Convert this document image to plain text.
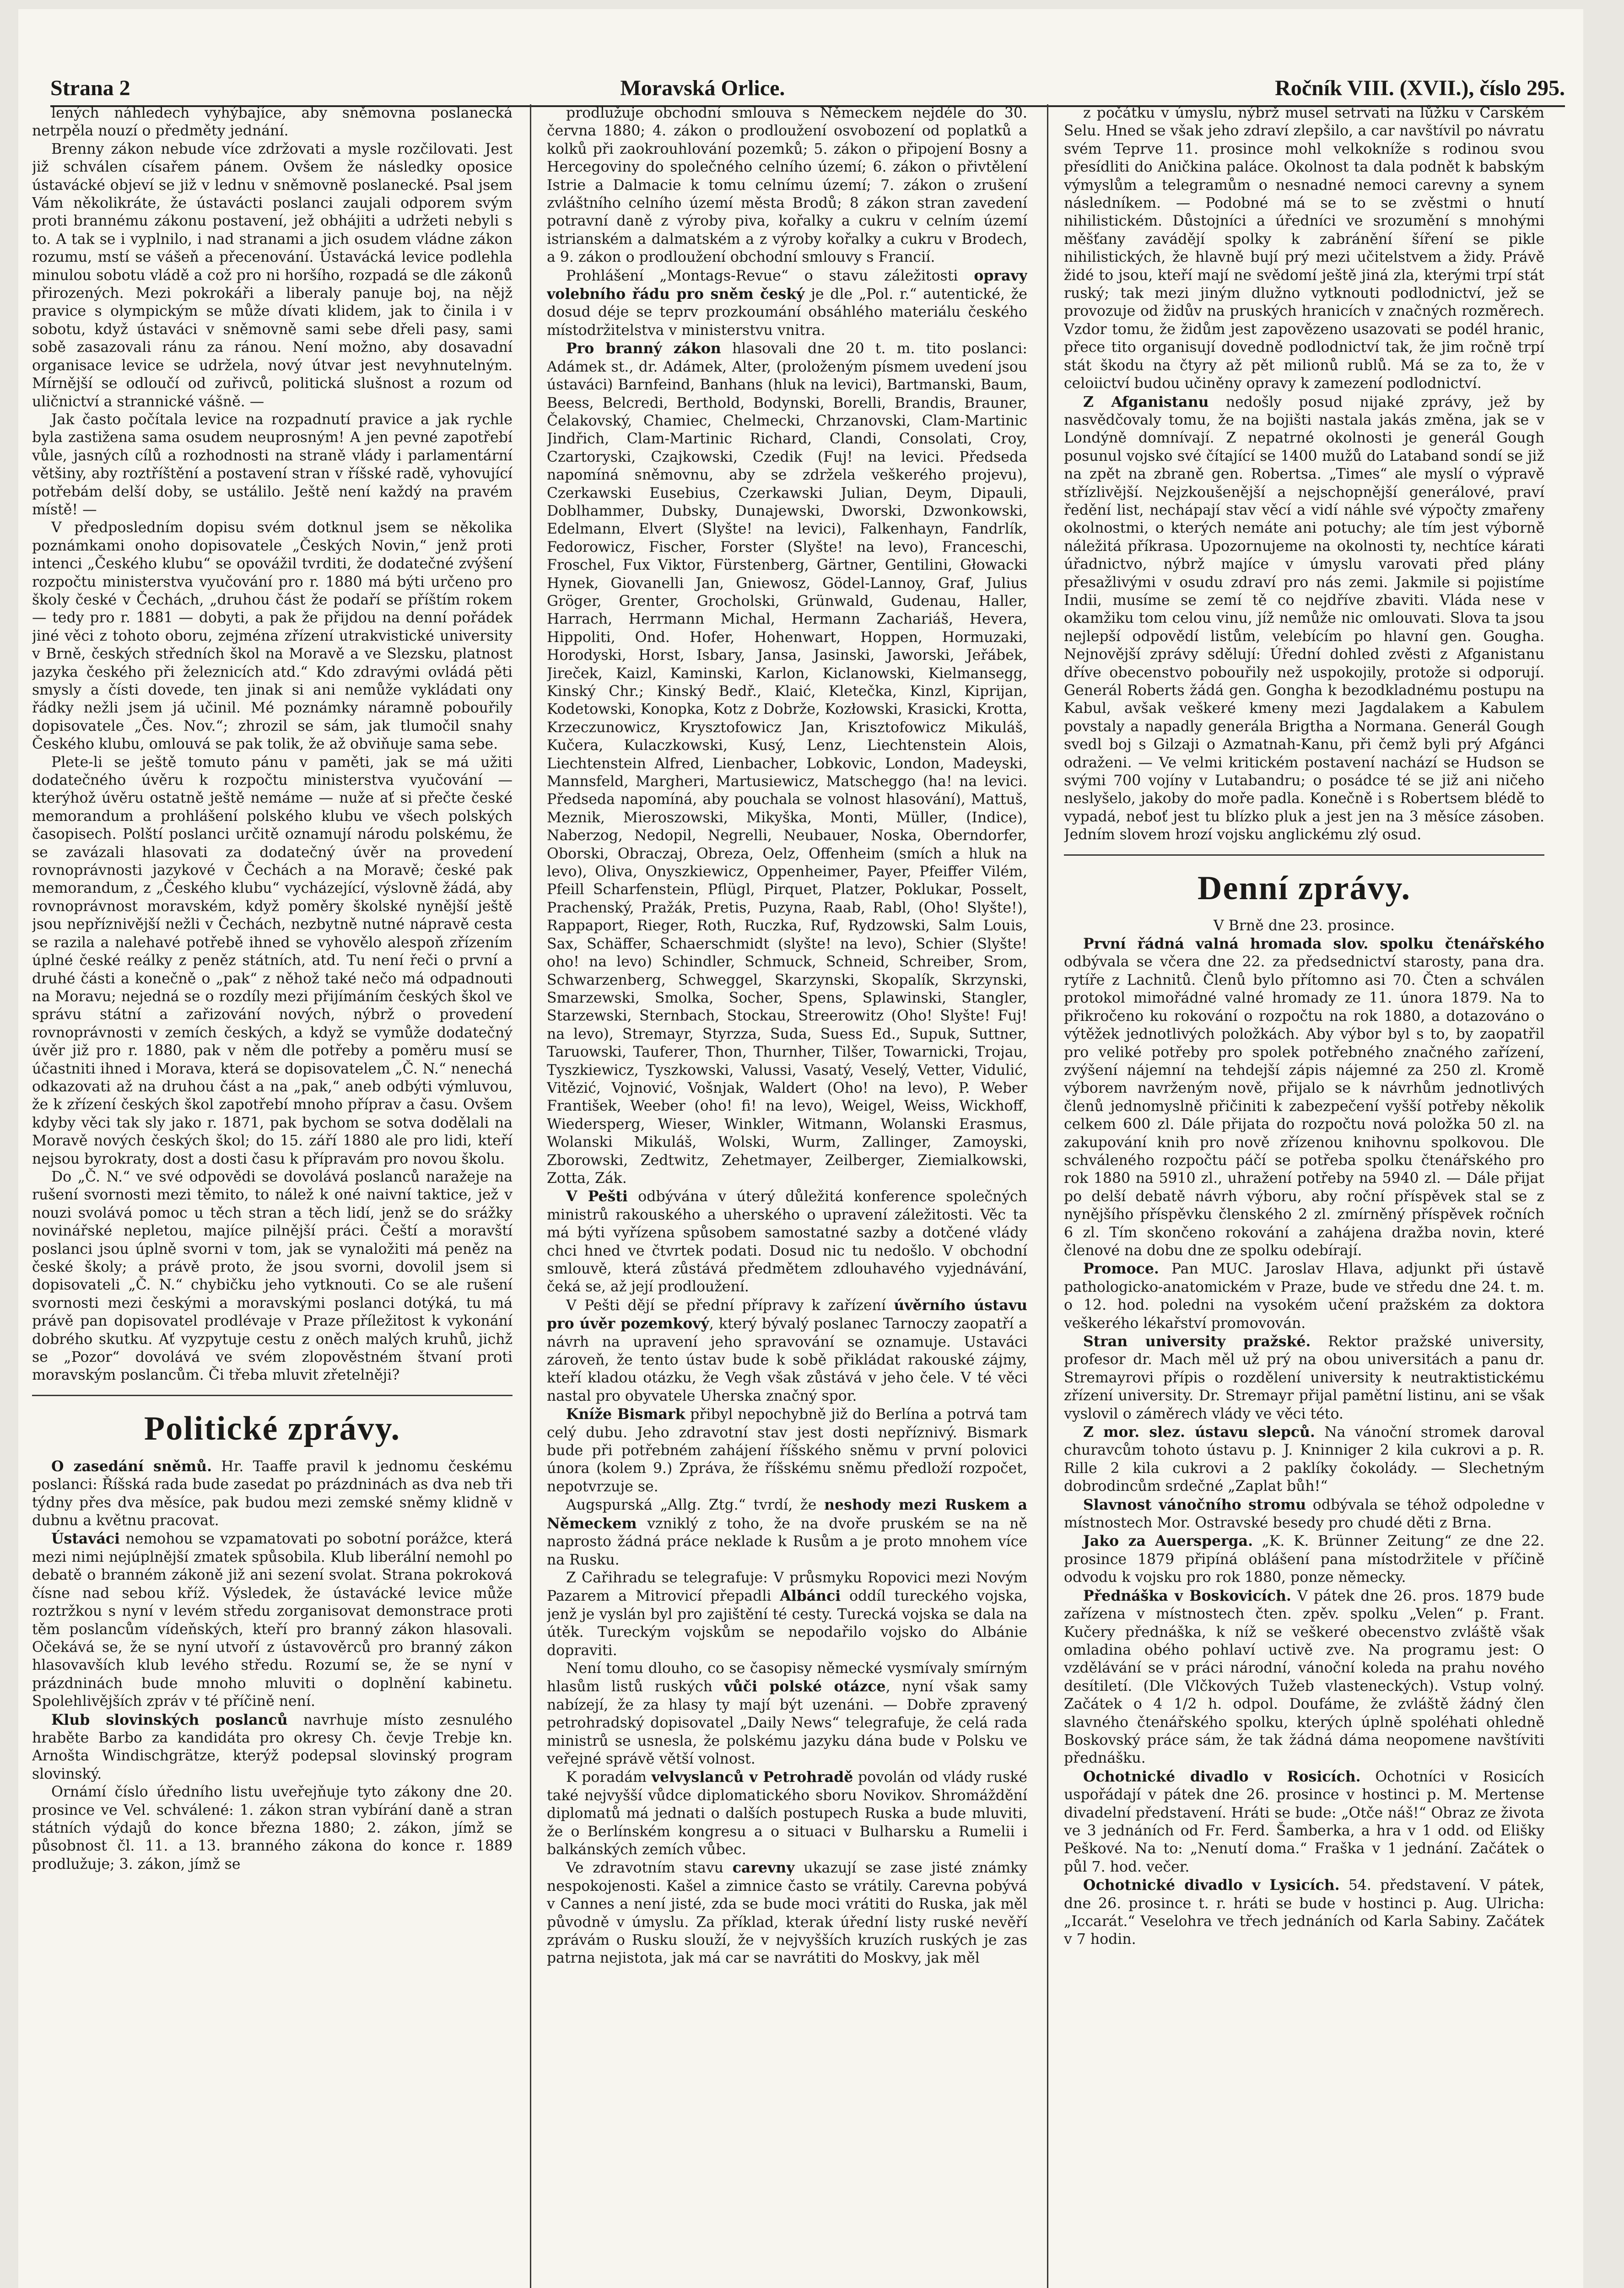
Strana 2	Moravská Orlice.	Ročník VIII. (XVII.), číslo 295.

lených náhledech vyhýbajíce, aby sněmovna poslanecká netrpěla nouzí o předměty jednání.

Brenny zákon nebude více zdržovati a mysle rozčilovati. Jest již schválen císařem pánem. Ovšem že následky oposice ústavácké objeví se již v lednu v sněmovně poslanecké. Psal jsem Vám několikráte, že ústavácti poslanci zaujali odporem svým proti brannému zákonu postavení, jež obhájiti a udržeti nebyli s to. A tak se i vyplnilo, i nad stranami a jich osudem vládne zákon rozumu, mstí se vášeň a přecenování. Ústavácká levice podlehla minulou sobotu vládě a což pro ni horšího, rozpadá se dle zákonů přirozených. Mezi pokrokáři a liberaly panuje boj, na nějž pravice s olympickým se může dívati klidem, jak to činila i v sobotu, když ústaváci v sněmovně sami sebe dřeli pasy, sami sobě zasazovali ránu za ránou. Není možno, aby dosavadní organisace levice se udržela, nový útvar jest nevyhnutelným. Mírnější se odloučí od zuřivců, politická slušnost a rozum od uličnictví a strannické vášně. —

Jak často počítala levice na rozpadnutí pravice a jak rychle byla zastižena sama osudem neuprosným! A jen pevné zapotřebí vůle, jasných cílů a rozhodnosti na straně vlády i parlamentární většiny, aby roztříštění a postavení stran v říšské radě, vyhovující potřebám delší doby, se ustálilo. Ještě není každý na pravém místě! —

V předposledním dopisu svém dotknul jsem se několika poznámkami onoho dopisovatele „Českých Novin,“ jenž proti intenci „Českého klubu“ se opovážil tvrditi, že dodatečné zvýšení rozpočtu ministerstva vyučování pro r. 1880 má býti určeno pro školy české v Čechách, „druhou část že podaří se příštím rokem — tedy pro r. 1881 — dobyti, a pak že přijdou na denní pořádek jiné věci z tohoto oboru, zejména zřízení utrakvistické university v Brně, českých středních škol na Moravě a ve Slezsku, platnost jazyka českého při železnicích atd.“ Kdo zdravými ovládá pěti smysly a čísti dovede, ten jinak si ani nemůže vykládati ony řádky nežli jsem já učinil. Mé poznámky náramně pobouřily dopisovatele „Čes. Nov.“; zhrozil se sám, jak tlumočil snahy Českého klubu, omlouvá se pak tolik, že až obviňuje sama sebe.

Plete-li se ještě tomuto pánu v paměti, jak se má užiti dodatečného úvěru k rozpočtu ministerstva vyučování — kterýhož úvěru ostatně ještě nemáme — nuže ať si přečte české memorandum a prohlášení polského klubu ve všech polských časopisech. Polští poslanci určitě oznamují národu polskému, že se zavázali hlasovati za dodatečný úvěr na provedení rovnoprávnosti jazykové v Čechách a na Moravě; české pak memorandum, z „Českého klubu“ vycházející, výslovně žádá, aby rovnoprávnost moravském, když poměry školské nynější ještě jsou nepříznivější nežli v Čechách, nezbytně nutné nápravě cesta se razila a nalehavé potřebě ihned se vyhovělo alespoň zřízením úplné české reálky z peněz státních, atd. Tu není řeči o první a druhé části a konečně o „pak“ z něhož také nečo má odpadnouti na Moravu; nejedná se o rozdíly mezi přijímáním českých škol ve správu státní a zařizování nových, nýbrž o provedení rovnoprávnosti v zemích českých, a když se vymůže dodatečný úvěr již pro r. 1880, pak v něm dle potřeby a poměru musí se účastniti ihned i Morava, která se dopisovatelem „Č. N.“ nenechá odkazovati až na druhou část a na „pak,“ aneb odbýti výmluvou, že k zřízení českých škol zapotřebí mnoho příprav a času. Ovšem kdyby věci tak sly jako r. 1871, pak bychom se sotva dodělali na Moravě nových českých škol; do 15. září 1880 ale pro lidi, kteří nejsou byrokraty, dost a dosti času k přípravám pro novou školu.

Do „Č. N.“ ve své odpovědi se dovolává poslanců naražeje na rušení svornosti mezi těmito, to nálež k oné naivní taktice, jež v nouzi svolává pomoc u těch stran a těch lidí, jenž se do srážky novinářské nepletou, majíce pilnější práci. Čeští a moravští poslanci jsou úplně svorni v tom, jak se vynaložiti má peněz na české školy; a právě proto, že jsou svorni, dovolil jsem si dopisovateli „Č. N.“ chybičku jeho vytknouti. Co se ale rušení svornosti mezi českými a moravskými poslanci dotýká, tu má právě pan dopisovatel prodlévaje v Praze příležitost k vykonání dobrého skutku. Ať vyzpytuje cestu z oněch malých kruhů, jichž se „Pozor“ dovolává ve svém zlopověstném štvaní proti moravským poslancům. Či třeba mluvit zřetelněji?

Politické zprávy.

O zasedání sněmů. Hr. Taaffe pravil k jednomu českému poslanci: Říšská rada bude zasedat po prázdninách as dva neb tři týdny přes dva měsíce, pak budou mezi zemské sněmy klidně v dubnu a květnu pracovat.

Ústaváci nemohou se vzpamatovati po sobotní porážce, která mezi nimi nejúplnější zmatek spůsobila. Klub liberální nemohl po debatě o branném zákoně již ani sezení svolat. Strana pokroková čísne nad sebou kříž. Výsledek, že ústavácké levice může roztržkou s nyní v levém středu zorganisovat demonstrace proti těm poslancům vídeňských, kteří pro branný zákon hlasovali. Očekává se, že se nyní utvoří z ústavověrců pro branný zákon hlasovavších klub levého středu. Rozumí se, že se nyní v prázdninách bude mnoho mluviti o doplnění kabinetu. Spolehlivějších zpráv v té příčině není.

Klub slovinských poslanců navrhuje místo zesnulého hraběte Barbo za kandidáta pro okresy Ch. čevje Trebje kn. Arnošta Windischgrätze, kterýž podepsal slovinský program slovinský.

Ornámí číslo úředního listu uveřejňuje tyto zákony dne 20. prosince ve Vel. schválené: 1. zákon stran vybírání daně a stran státních výdajů do konce března 1880; 2. zákon, jímž se působnost čl. 11. a 13. branného zákona do konce r. 1889 prodlužuje; 3. zákon, jímž se

prodlužuje obchodní smlouva s Německem nejdéle do 30. června 1880; 4. zákon o prodloužení osvobození od poplatků a kolků při zaokrouhlování pozemků; 5. zákon o připojení Bosny a Hercegoviny do společného celního území; 6. zákon o přivtělení Istrie a Dalmacie k tomu celnímu území; 7. zákon o zrušení zvláštního celního území města Brodů; 8 zákon stran zavedení potravní daně z výroby piva, kořalky a cukru v celním území istrianském a dalmatském a z výroby kořalky a cukru v Brodech, a 9. zákon o prodloužení obchodní smlouvy s Francií.

Prohlášení „Montags-Revue“ o stavu záležitosti opravy volebního řádu pro sněm český je dle „Pol. r.“ autentické, že dosud déje se teprv prozkoumání obsáhlého materiálu českého místodržitelstva v ministerstvu vnitra.

Pro branný zákon hlasovali dne 20 t. m. tito poslanci: Adámek st., dr. Adámek, Alter, (proloženým písmem uvedení jsou ústaváci) Barnfeind, Banhans (hluk na levici), Bartmanski, Baum, Beess, Belcredi, Berthold, Bodynski, Borelli, Brandis, Brauner, Čelakovský, Chamiec, Chelmecki, Chrzanovski, Clam-Martinic Jindřich, Clam-Martinic Richard, Clandi, Consolati, Croy, Czartoryski, Czajkowski, Czedik (Fuj! na levici. Předseda napomíná sněmovnu, aby se zdržela veškerého projevu), Czerkawski Eusebius, Czerkawski Julian, Deym, Dipauli, Doblhammer, Dubsky, Dunajewski, Dworski, Dzwonkowski, Edelmann, Elvert (Slyšte! na levici), Falkenhayn, Fandrlík, Fedorowicz, Fischer, Forster (Slyšte! na levo), Franceschi, Froschel, Fux Viktor, Fürstenberg, Gärtner, Gentilini, Głowacki Hynek, Giovanelli Jan, Gniewosz, Gödel-Lannoy, Graf, Julius Gröger, Grenter, Grocholski, Grünwald, Gudenau, Haller, Harrach, Herrmann Michal, Hermann Zachariáš, Hevera, Hippoliti, Ond. Hofer, Hohenwart, Hoppen, Hormuzaki, Horodyski, Horst, Isbary, Jansa, Jasinski, Jaworski, Jeřábek, Jireček, Kaizl, Kaminski, Karlon, Kiclanowski, Kielmansegg, Kinský Chr.; Kinský Bedř., Klaić, Kletečka, Kinzl, Kiprijan, Kodetowski, Konopka, Kotz z Dobrže, Kozłowski, Krasicki, Krotta, Krzeczunowicz, Krysztofowicz Jan, Krisztofowicz Mikuláš, Kučera, Kulaczkowski, Kusý, Lenz, Liechtenstein Alois, Liechtenstein Alfred, Lienbacher, Lobkovic, London, Madeyski, Mannsfeld, Margheri, Martusiewicz, Matscheggo (ha! na levici. Předseda napomíná, aby pouchala se volnost hlasování), Mattuš, Meznik, Mieroszowski, Mikyška, Monti, Müller, (Indice), Naberzog, Nedopil, Negrelli, Neubauer, Noska, Oberndorfer, Oborski, Obraczaj, Obreza, Oelz, Offenheim (smích a hluk na levo), Oliva, Onyszkiewicz, Oppenheimer, Payer, Pfeiffer Vilém, Pfeill Scharfenstein, Pflügl, Pirquet, Platzer, Poklukar, Posselt, Prachenský, Pražák, Pretis, Puzyna, Raab, Rabl, (Oho! Slyšte!), Rappaport, Rieger, Roth, Ruczka, Ruf, Rydzowski, Salm Louis, Sax, Schäffer, Schaerschmidt (slyšte! na levo), Schier (Slyšte! oho! na levo) Schindler, Schmuck, Schneid, Schreiber, Srom, Schwarzenberg, Schweggel, Skarzynski, Skopalík, Skrzynski, Smarzewski, Smolka, Socher, Spens, Splawinski, Stangler, Starzewski, Sternbach, Stockau, Streerowitz (Oho! Slyšte! Fuj! na levo), Stremayr, Styrzza, Suda, Suess Ed., Supuk, Suttner, Taruowski, Tauferer, Thon, Thurnher, Tilšer, Towarnicki, Trojau, Tyszkiewicz, Tyszkowski, Valussi, Vasatý, Veselý, Vetter, Vidulić, Vitězić, Vojnović, Vošnjak, Waldert (Oho! na levo), P. Weber František, Weeber (oho! fi! na levo), Weigel, Weiss, Wickhoff, Wiedersperg, Wieser, Winkler, Witmann, Wolanski Erasmus, Wolanski Mikuláš, Wolski, Wurm, Zallinger, Zamoyski, Zborowski, Zedtwitz, Zehetmayer, Zeilberger, Ziemialkowski, Zotta, Zák.

V Pešti odbývána v úterý důležitá konference společných ministrů rakouského a uherského o upravení záležitosti. Věc ta má býti vyřízena spůsobem samostatné sazby a dotčené vlády chci hned ve čtvrtek podati. Dosud nic tu nedošlo. V obchodní smlouvě, která zůstává předmětem zdlouhavého vyjednávání, čeká se, až její prodloužení.

V Pešti dějí se přední přípravy k zařízení úvěrního ústavu pro úvěr pozemkový, který bývalý poslanec Tarnoczy zaopatří a návrh na upravení jeho spravování se oznamuje. Ustaváci zároveň, že tento ústav bude k sobě přikládat rakouské zájmy, kteří kladou otázku, že Vegh však zůstává v jeho čele. V té věci nastal pro obyvatele Uherska značný spor.

Kníže Bismark přibyl nepochybně již do Berlína a potrvá tam celý dubu. Jeho zdravotní stav jest dosti nepříznivý. Bismark bude při potřebném zahájení říšského sněmu v první polovici února (kolem 9.) Zpráva, že říšskému sněmu předloží rozpočet, nepotvrzuje se.

Augspurská „Allg. Ztg.“ tvrdí, že neshody mezi Ruskem a Německem vzniklý z toho, že na dvoře pruském se na ně naprosto žádná práce neklade k Rusům a je proto mnohem více na Rusku.

Z Cařihradu se telegrafuje: V průsmyku Ropovici mezi Novým Pazarem a Mitrovicí přepadli Albánci oddíl tureckého vojska, jenž je vyslán byl pro zajištění té cesty. Turecká vojska se dala na útěk. Tureckým vojskům se nepodařilo vojsko do Albánie dopraviti.

Není tomu dlouho, co se časopisy německé vysmívaly smírným hlasům listů ruských vůči polské otázce, nyní však samy nabízejí, že za hlasy ty mají být uzenáni. — Dobře zpravený petrohradský dopisovatel „Daily News“ telegrafuje, že celá rada ministrů se usnesla, že polskému jazyku dána bude v Polsku ve veřejné správě větší volnost.

K poradám velvyslanců v Petrohradě povolán od vlády ruské také nejvyšší vůdce diplomatického sboru Novikov. Shromáždění diplomatů má jednati o dalších postupech Ruska a bude mluviti, že o Berlínském kongresu a o situaci v Bulharsku a Rumelii i balkánských zemích vůbec.

Ve zdravotním stavu carevny ukazují se zase jisté známky nespokojenosti. Kašel a zimnice často se vrátily. Carevna pobývá v Cannes a není jisté, zda se bude moci vrátiti do Ruska, jak měl původně v úmyslu. Za příklad, kterak úřední listy ruské nevěří zprávám o Rusku slouží, že v nejvyšších kruzích ruských je zas patrna nejistota, jak má car se navrátiti do Moskvy, jak měl

z počátku v úmyslu, nýbrž musel setrvati na lůžku v Carském Selu. Hned se však jeho zdraví zlepšilo, a car navštívil po návratu svém Teprve 11. prosince mohl velkokníže s rodinou svou přesídliti do Aničkina paláce. Okolnost ta dala podnět k babským výmyslům a telegramům o nesnadné nemoci carevny a synem následníkem. — Podobné má se to se zvěstmi o hnutí nihilistickém. Důstojníci a úředníci ve srozumění s mnohými měšťany zavádějí spolky k zabránění šíření se pikle nihilistických, že hlavně bují prý mezi učitelstvem a židy. Právě židé to jsou, kteří mají ne svědomí ještě jiná zla, kterými trpí stát ruský; tak mezi jiným dlužno vytknouti podlodnictví, jež se provozuje od židův na pruských hranicích v značných rozměrech. Vzdor tomu, že židům jest zapovězeno usazovati se podél hranic, přece tito organisují dovedně podlodnictví tak, že jim ročně trpí stát škodu na čtyry až pět milionů rublů. Má se za to, že v celoiictví budou učiněny opravy k zamezení podlodnictví.

Z Afganistanu nedošly posud nijaké zprávy, jež by nasvědčovaly tomu, že na bojišti nastala jakás změna, jak se v Londýně domnívají. Z nepatrné okolnosti je generál Gough posunul vojsko své čítající se 1400 mužů do Lataband sondí se již na zpět na zbraně gen. Robertsa. „Times“ ale myslí o výpravě střízlivější. Nejzkoušenější a nejschopnější generálové, praví ředění list, nechápají stav věcí a vidí náhle své výpočty zmařeny okolnostmi, o kterých nemáte ani potuchy; ale tím jest výborně náležitá příkrasa. Upozornujeme na okolnosti ty, nechtíce kárati úřadnictvo, nýbrž majíce v úmyslu varovati před plány přesažlivými v osudu zdraví pro nás zemi. Jakmile si pojistíme Indii, musíme se zemí tě co nejdříve zbaviti. Vláda nese v okamžiku tom celou vinu, jíž nemůže nic omlouvati. Slova ta jsou nejlepší odpovědí listům, velebícím po hlavní gen. Gougha. Nejnovější zprávy sdělují: Úřední dohled zvěsti z Afganistanu dříve obecenstvo pobouřily než uspokojily, protože si odporují. Generál Roberts žádá gen. Gongha k bezodkladnému postupu na Kabul, avšak veškeré kmeny mezi Jagdalakem a Kabulem povstaly a napadly generála Brigtha a Normana. Generál Gough svedl boj s Gilzaji o Azmatnah-Kanu, při čemž byli prý Afgánci odraženi. — Ve velmi kritickém postavení nachází se Hudson se svými 700 vojíny v Lutabandru; o posádce té se již ani ničeho neslyšelo, jakoby do moře padla. Konečně i s Robertsem blédě to vypadá, neboť jest tu blízko pluk a jest jen na 3 měsíce zásoben. Jedním slovem hrozí vojsku anglickému zlý osud.

Denní zprávy.

V Brně dne 23. prosince.

První řádná valná hromada slov. spolku čtenářského odbývala se včera dne 22. za předsednictví starosty, pana dra. rytíře z Lachnitů. Členů bylo přítomno asi 70. Čten a schválen protokol mimořádné valné hromady ze 11. února 1879. Na to přikročeno ku rokování o rozpočtu na rok 1880, a dotazováno o výtěžek jednotlivých položkách. Aby výbor byl s to, by zaopatřil pro veliké potřeby pro spolek potřebného značného zařízení, zvýšení nájemní na tehdejší zápis nájemné za 250 zl. Kromě výborem navrženým nově, přijalo se k návrhům jednotlivých členů jednomyslně přičiniti k zabezpečení vyšší potřeby několik celkem 600 zl. Dále přijata do rozpočtu nová položka 50 zl. na zakupování knih pro nově zřízenou knihovnu spolkovou. Dle schváleného rozpočtu páčí se potřeba spolku čtenářského pro rok 1880 na 5910 zl., uhražení potřeby na 5940 zl. — Dále přijat po delší debatě návrh výboru, aby roční příspěvek stal se z nynějšího příspěvku členského 2 zl. zmírněný příspěvek ročních 6 zl. Tím skončeno rokování a zahájena dražba novin, které členové na dobu dne ze spolku odebírají.

Promoce. Pan MUC. Jaroslav Hlava, adjunkt při ústavě pathologicko-anatomickém v Praze, bude ve středu dne 24. t. m. o 12. hod. poledni na vysokém učení pražském za doktora veškerého lékařství promovován.

Stran university pražské. Rektor pražské university, profesor dr. Mach měl už prý na obou universitách a panu dr. Stremayrovi přípis o rozdělení university k neutraktistickému zřízení university. Dr. Stremayr přijal pamětní listinu, ani se však vyslovil o záměrech vlády ve věci této.

Z mor. slez. ústavu slepců. Na vánoční stromek daroval churavcům tohoto ústavu p. J. Kninniger 2 kila cukrovi a p. R. Rille 2 kila cukrovi a 2 paklíky čokolády. — Slechetným dobrodincům srdečné „Zaplat bůh!“

Slavnost vánočního stromu odbývala se téhož odpoledne v místnostech Mor. Ostravské besedy pro chudé děti z Brna.

Jako za Auerspergа. „K. K. Brünner Zeitung“ ze dne 22. prosince 1879 připíná oblášení pana místodržitele v příčině odvodu k vojsku pro rok 1880, ponze německy.

Přednáška v Boskovicích. V pátek dne 26. pros. 1879 bude zařízena v místnostech čten. zpěv. spolku „Velen“ p. Frant. Kučery přednáška, k níž se veškeré obecenstvo zvláště však omladina obého pohlaví uctivě zve. Na programu jest: O vzdělávání se v práci národní, vánoční koleda na prahu nového desítiletí. (Dle Vlčkových Tužeb vlasteneckých). Vstup volný. Začátek o 4 1/2 h. odpol. Doufáme, že zvláště žádný člen slavného čtenářského spolku, kterých úplně spoléhati ohledně Boskovský práce sám, že tak žádná dáma neopomene navštíviti přednášku.

Ochotnické divadlo v Rosicích. Ochotníci v Rosicích uspořádají v pátek dne 26. prosince v hostinci p. M. Mertense divadelní představení. Hráti se bude: „Otče náš!“ Obraz ze života ve 3 jednáních od Fr. Ferd. Šamberka, a hra v 1 odd. od Elišky Peškové. Na to: „Nenutí doma.“ Fraška v 1 jednání. Začátek o půl 7. hod. večer.

Ochotnické divadlo v Lysicích. 54. představení. V pátek, dne 26. prosince t. r. hráti se bude v hostinci p. Aug. Ulricha: „Iccarát.“ Veselohra ve třech jednáních od Karla Sabiny. Začátek v 7 hodin.
